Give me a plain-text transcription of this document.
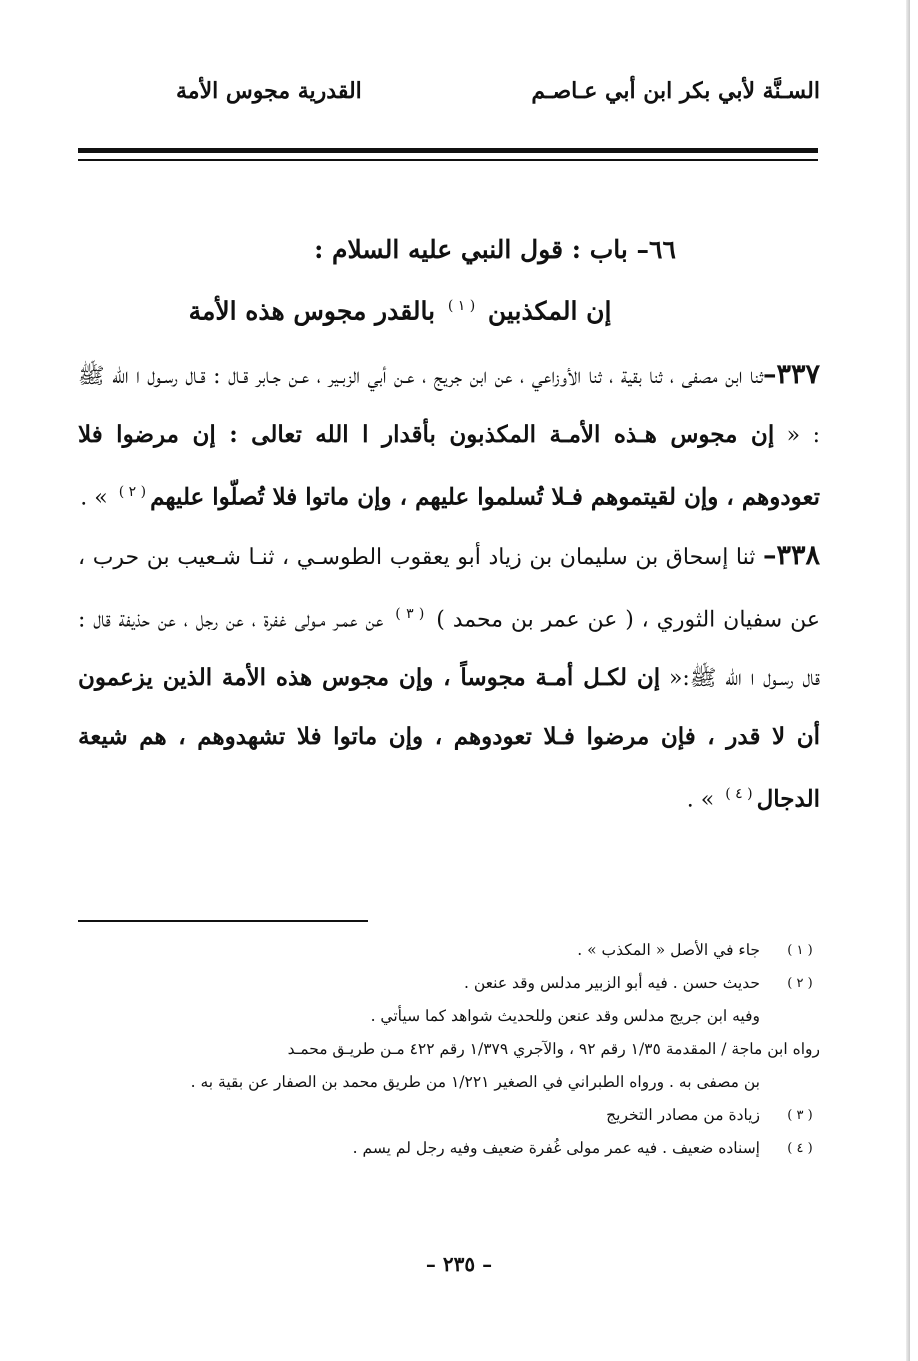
السـنَّة لأبي بكر ابن أبي عـاصـم
القدرية مجوس الأمة
٦٦– باب : قول النبي عليه السلام :
إن المكذبين $^{( ١ )}$ بالقدر مجوس هذه الأمة

٣٣٧–ثنا ابن مصفى ، ثنا بقية ، ثنا الأوزاعي ، عن ابن جريج ، عـن أبي الزبـير ، عـن جـابر قـال : قـال رسـول ا الله ﷺ : « إن مجوس هـذه الأمـة المكذبون بأقدار ا الله تعالى : إن مرضوا فلا تعودوهم ، وإن لقيتموهم فـلا تُسلموا عليهم ، وإن ماتوا فلا تُصلّوا عليهم$^{( ٢ )}$ » .

٣٣٨– ثنا إسحاق بن سليمان بن زياد أبو يعقوب الطوسـي ، ثنـا شـعيب بن حرب ، عن سفيان الثوري ، ( عن عمر بن محمد ) $^{( ٣ )}$ عن عمـر مـولى غفرة ، عن رجل ، عن حذيفة قال : قال رسـول ا الله ﷺ:« إن لكـل أمـة مجوساً ، وإن مجوس هذه الأمة الذين يزعمون أن لا قدر ، فإن مرضوا فـلا تعودوهم ، وإن ماتوا فلا تشهدوهم ، هم شيعة الدجال$^{( ٤ )}$ » .

( ١ )
جاء في الأصل « المكذب » .
( ٢ )
حديث حسن . فيه أبو الزبير مدلس وقد عنعن .
وفيه ابن جريج مدلس وقد عنعن وللحديث شواهد كما سيأتي .
رواه ابن ماجة / المقدمة ١/٣٥ رقم ٩٢ ، والآجري ١/٣٧٩ رقم ٤٢٢ مـن طريـق محمـد
بن مصفى به . ورواه الطبراني في الصغير ١/٢٢١ من طريق محمد بن الصفار عن بقية به .
( ٣ )
زيادة من مصادر التخريج
( ٤ )
إسناده ضعيف . فيه عمر مولى غُفرة ضعيف وفيه رجل لم يسم .
– ٢٣٥ –
